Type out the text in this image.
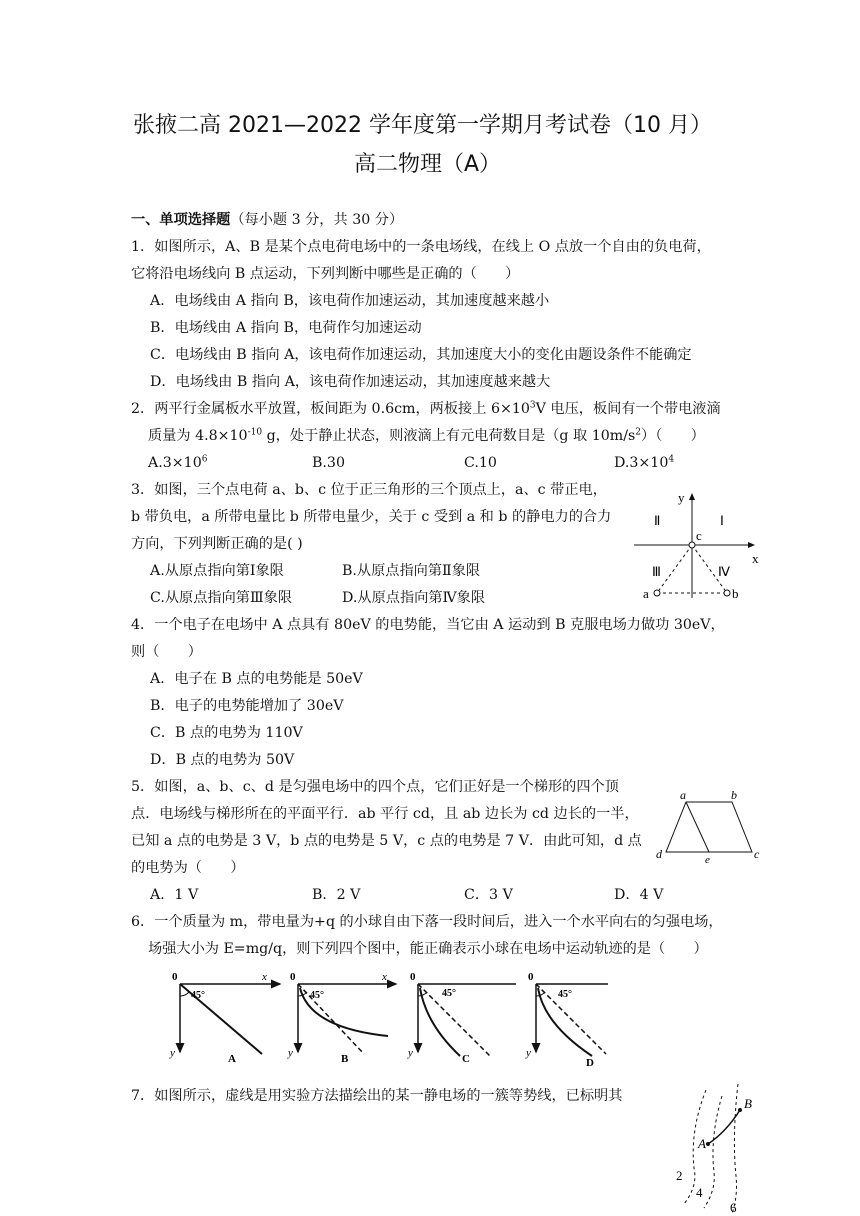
张掖二高 2021—2022 学年度第一学期月考试卷（10 月）
高二物理（A）
一、单项选择题（每小题 3 分，共 30 分）
1．如图所示，A、B 是某个点电荷电场中的一条电场线，在线上 O 点放一个自由的负电荷，
它将沿电场线向 B 点运动，下列判断中哪些是正确的（　　）
A．电场线由 A 指向 B，该电荷作加速运动，其加速度越来越小
B．电场线由 A 指向 B，电荷作匀加速运动
C．电场线由 B 指向 A，该电荷作加速运动，其加速度大小的变化由题设条件不能确定
D．电场线由 B 指向 A，该电荷作加速运动，其加速度越来越大
2．两平行金属板水平放置，板间距为 0.6cm，两板接上 $6\times 10^3V$ 电压，板间有一个带电液滴
质量为 $4.8\times 10^{-10}$ g，处于静止状态，则液滴上有元电荷数目是（g 取 $10m/s^2$）（　　）
$A.3\times 10^6$	B.30	C.10	$D.3\times 10^4$
3．如图，三个点电荷 a、b、c 位于正三角形的三个顶点上，a、c 带正电，
b 带负电，a 所带电量比 b 所带电量少，关于 c 受到 a 和 b 的静电力的合力
方向，下列判断正确的是( )
A.从原点指向第Ⅰ象限	B.从原点指向第Ⅱ象限
C.从原点指向第Ⅲ象限	D.从原点指向第Ⅳ象限
y
x
c
a	b
Ⅰ
Ⅱ
Ⅲ	Ⅳ
4．一个电子在电场中 A 点具有 80eV 的电势能，当它由 A 运动到 B 克服电场力做功 30eV，
则（　　）
A．电子在 B 点的电势能是 50eV
B．电子的电势能增加了 30eV
C．B 点的电势为 110V
D．B 点的电势为 50V
5．如图，a、b、c、d 是匀强电场中的四个点，它们正好是一个梯形的四个顶
点．电场线与梯形所在的平面平行．ab 平行 cd，且 ab 边长为 cd 边长的一半，
已知 a 点的电势是 3 V，b 点的电势是 5 V，c 点的电势是 7 V．由此可知，d 点
的电势为（　　）
A．1 V	B．2 V	C．3 V	D．4 V
a	b
c
d	e
6．一个质量为 m，带电量为+q 的小球自由下落一段时间后，进入一个水平向右的匀强电场，
场强大小为 E=mg/q，则下列四个图中，能正确表示小球在电场中运动轨迹的是（　　）
0	x
y
45°
A
0	x
y
45°
B
0
y
45°
C
0
y
45°
D
7．如图所示，虚线是用实验方法描绘出的某一静电场的一簇等势线，已标明其	B
A
2
4
6
